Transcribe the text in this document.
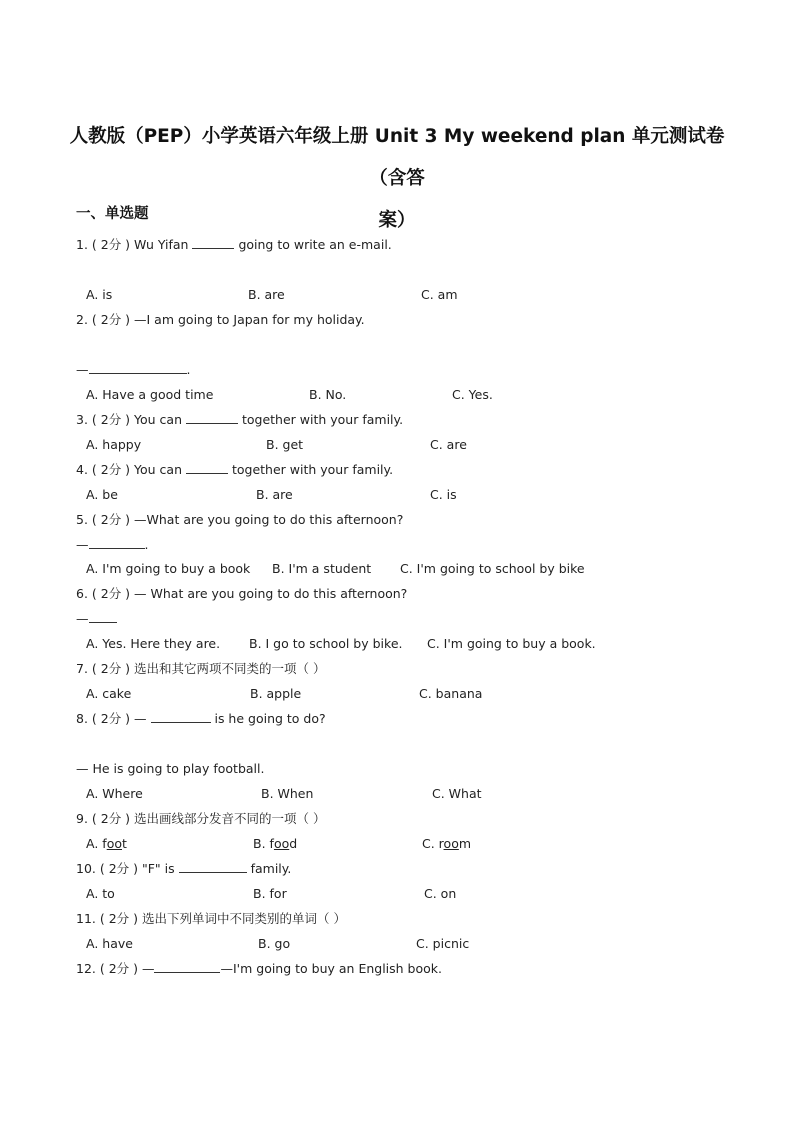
人教版（PEP）小学英语六年级上册 Unit 3 My weekend plan 单元测试卷（含答
案）
一、单选题
1. ( 2分 ) Wu Yifan	going to write an e-mail.
A. is	B. are	C. am
2. ( 2分 ) —I am going to Japan for my holiday.
—	.
A. Have a good time	B. No.	C. Yes.
3. ( 2分 ) You can	together with your family.
A. happy	B. get	C. are
4. ( 2分 ) You can	together with your family.
A. be	B. are	C. is
5. ( 2分 ) —What are you going to do this afternoon?
—	.
A. I'm going to buy a book B. I'm a student C. I'm going to school by bike
6. ( 2分 ) — What are you going to do this afternoon?
—
A. Yes. Here they are. B. I go to school by bike. C. I'm going to buy a book.
7. ( 2分 ) 选出和其它两项不同类的一项（ ）
A. cake	B. apple	C. banana
8. ( 2分 ) —	is he going to do?
— He is going to play football.
A. Where	B. When	C. What
9. ( 2分 ) 选出画线部分发音不同的一项（ ）
A. foot	B. food	C. room
10. ( 2分 ) "F" is	family.
A. to	B. for	C. on
11. ( 2分 ) 选出下列单词中不同类别的单词（ ）
A. have	B. go	C. picnic
12. ( 2分 ) —	—I'm going to buy an English book.
